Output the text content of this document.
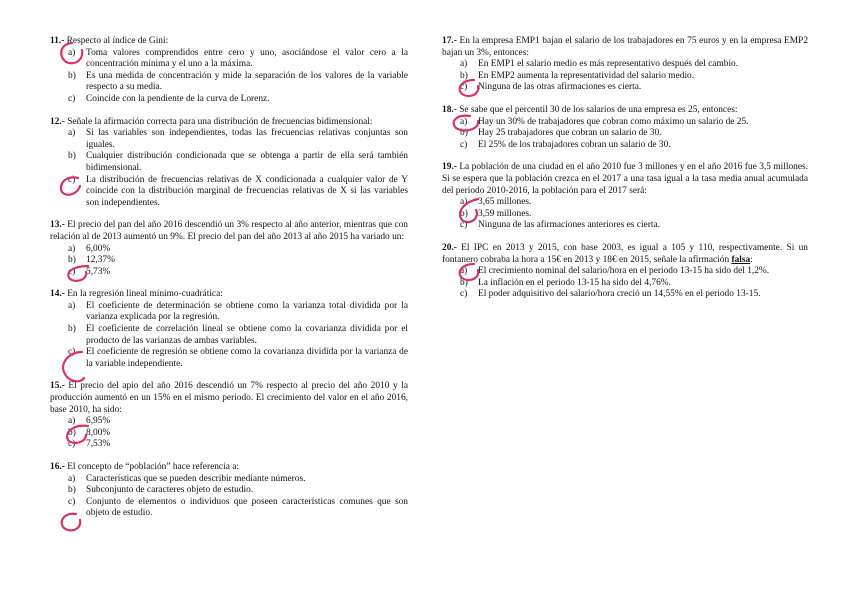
11.- Respecto al índice de Gini:
a)	Toma valores comprendidos entre cero y uno, asociándose el valor cero a la concentración mínima y el uno a la máxima.
b)	Es una medida de concentración y mide la separación de los valores de la variable respecto a su media.
c)	Coincide con la pendiente de la curva de Lorenz.
12.- Señale la afirmación correcta para una distribución de frecuencias bidimensional:
a)	Si las variables son independientes, todas las frecuencias relativas conjuntas son iguales.
b)	Cualquier distribución condicionada que se obtenga a partir de ella será también bidimensional.
c)	La distribución de frecuencias relativas de X condicionada a cualquier valor de Y coincide con la distribución marginal de frecuencias relativas de X si las variables son independientes.
13.- El precio del pan del año 2016 descendió un 3% respecto al año anterior, mientras que con relación al de 2013 aumentó un 9%. El precio del pan del año 2013 al año 2015 ha variado un:
a)	6,00%
b)	12,37%
c)	5,73%
14.- En la regresión lineal mínimo-cuadrática:
a)	El coeficiente de determinación se obtiene como la varianza total dividida por la varianza explicada por la regresión.
b)	El coeficiente de correlación lineal se obtiene como la covarianza dividida por el producto de las varianzas de ambas variables.
c)	El coeficiente de regresión se obtiene como la covarianza dividida por la varianza de la variable independiente.
15.- El precio del apio del año 2016 descendió un 7% respecto al precio del año 2010 y la producción aumentó en un 15% en el mismo periodo. El crecimiento del valor en el año 2016, base 2010, ha sido:
a)	6,95%
b)	8,00%
c)	7,53%
16.- El concepto de “población” hace referencia a:
a)	Características que se pueden describir mediante números.
b)	Subconjunto de caracteres objeto de estudio.
c)	Conjunto de elementos o individuos que poseen características comunes que son objeto de estudio.
17.- En la empresa EMP1 bajan el salario de los trabajadores en 75 euros y en la empresa EMP2 bajan un 3%, entonces:
a)	En EMP1 el salario medio es más representativo después del cambio.
b)	En EMP2 aumenta la representatividad del salario medio.
c)	Ninguna de las otras afirmaciones es cierta.
18.- Se sabe que el percentil 30 de los salarios de una empresa es 25, entonces:
a)	Hay un 30% de trabajadores que cobran como máximo un salario de 25.
b)	Hay 25 trabajadores que cobran un salario de 30.
c)	El 25% de los trabajadores cobran un salario de 30.
19.- La población de una ciudad en el año 2010 fue 3 millones y en el año 2016 fue 3,5 millones. Si se espera que la población crezca en el 2017 a una tasa igual a la tasa media anual acumulada del periodo 2010-2016, la población para el 2017 será:
a)	3,65 millones.
b)	3,59 millones.
c)	Ninguna de las afirmaciones anteriores es cierta.
20.- El IPC en 2013 y 2015, con base 2003, es igual a 105 y 110, respectivamente. Si un fontanero cobraba la hora a 15€ en 2013 y 18€ en 2015, señale la afirmación falsa:
a)	El crecimiento nominal del salario/hora en el periodo 13-15 ha sido del 1,2%.
b)	La inflación en el periodo 13-15 ha sido del 4,76%.
c)	El poder adquisitivo del salario/hora creció un 14,55% en el periodo 13-15.
